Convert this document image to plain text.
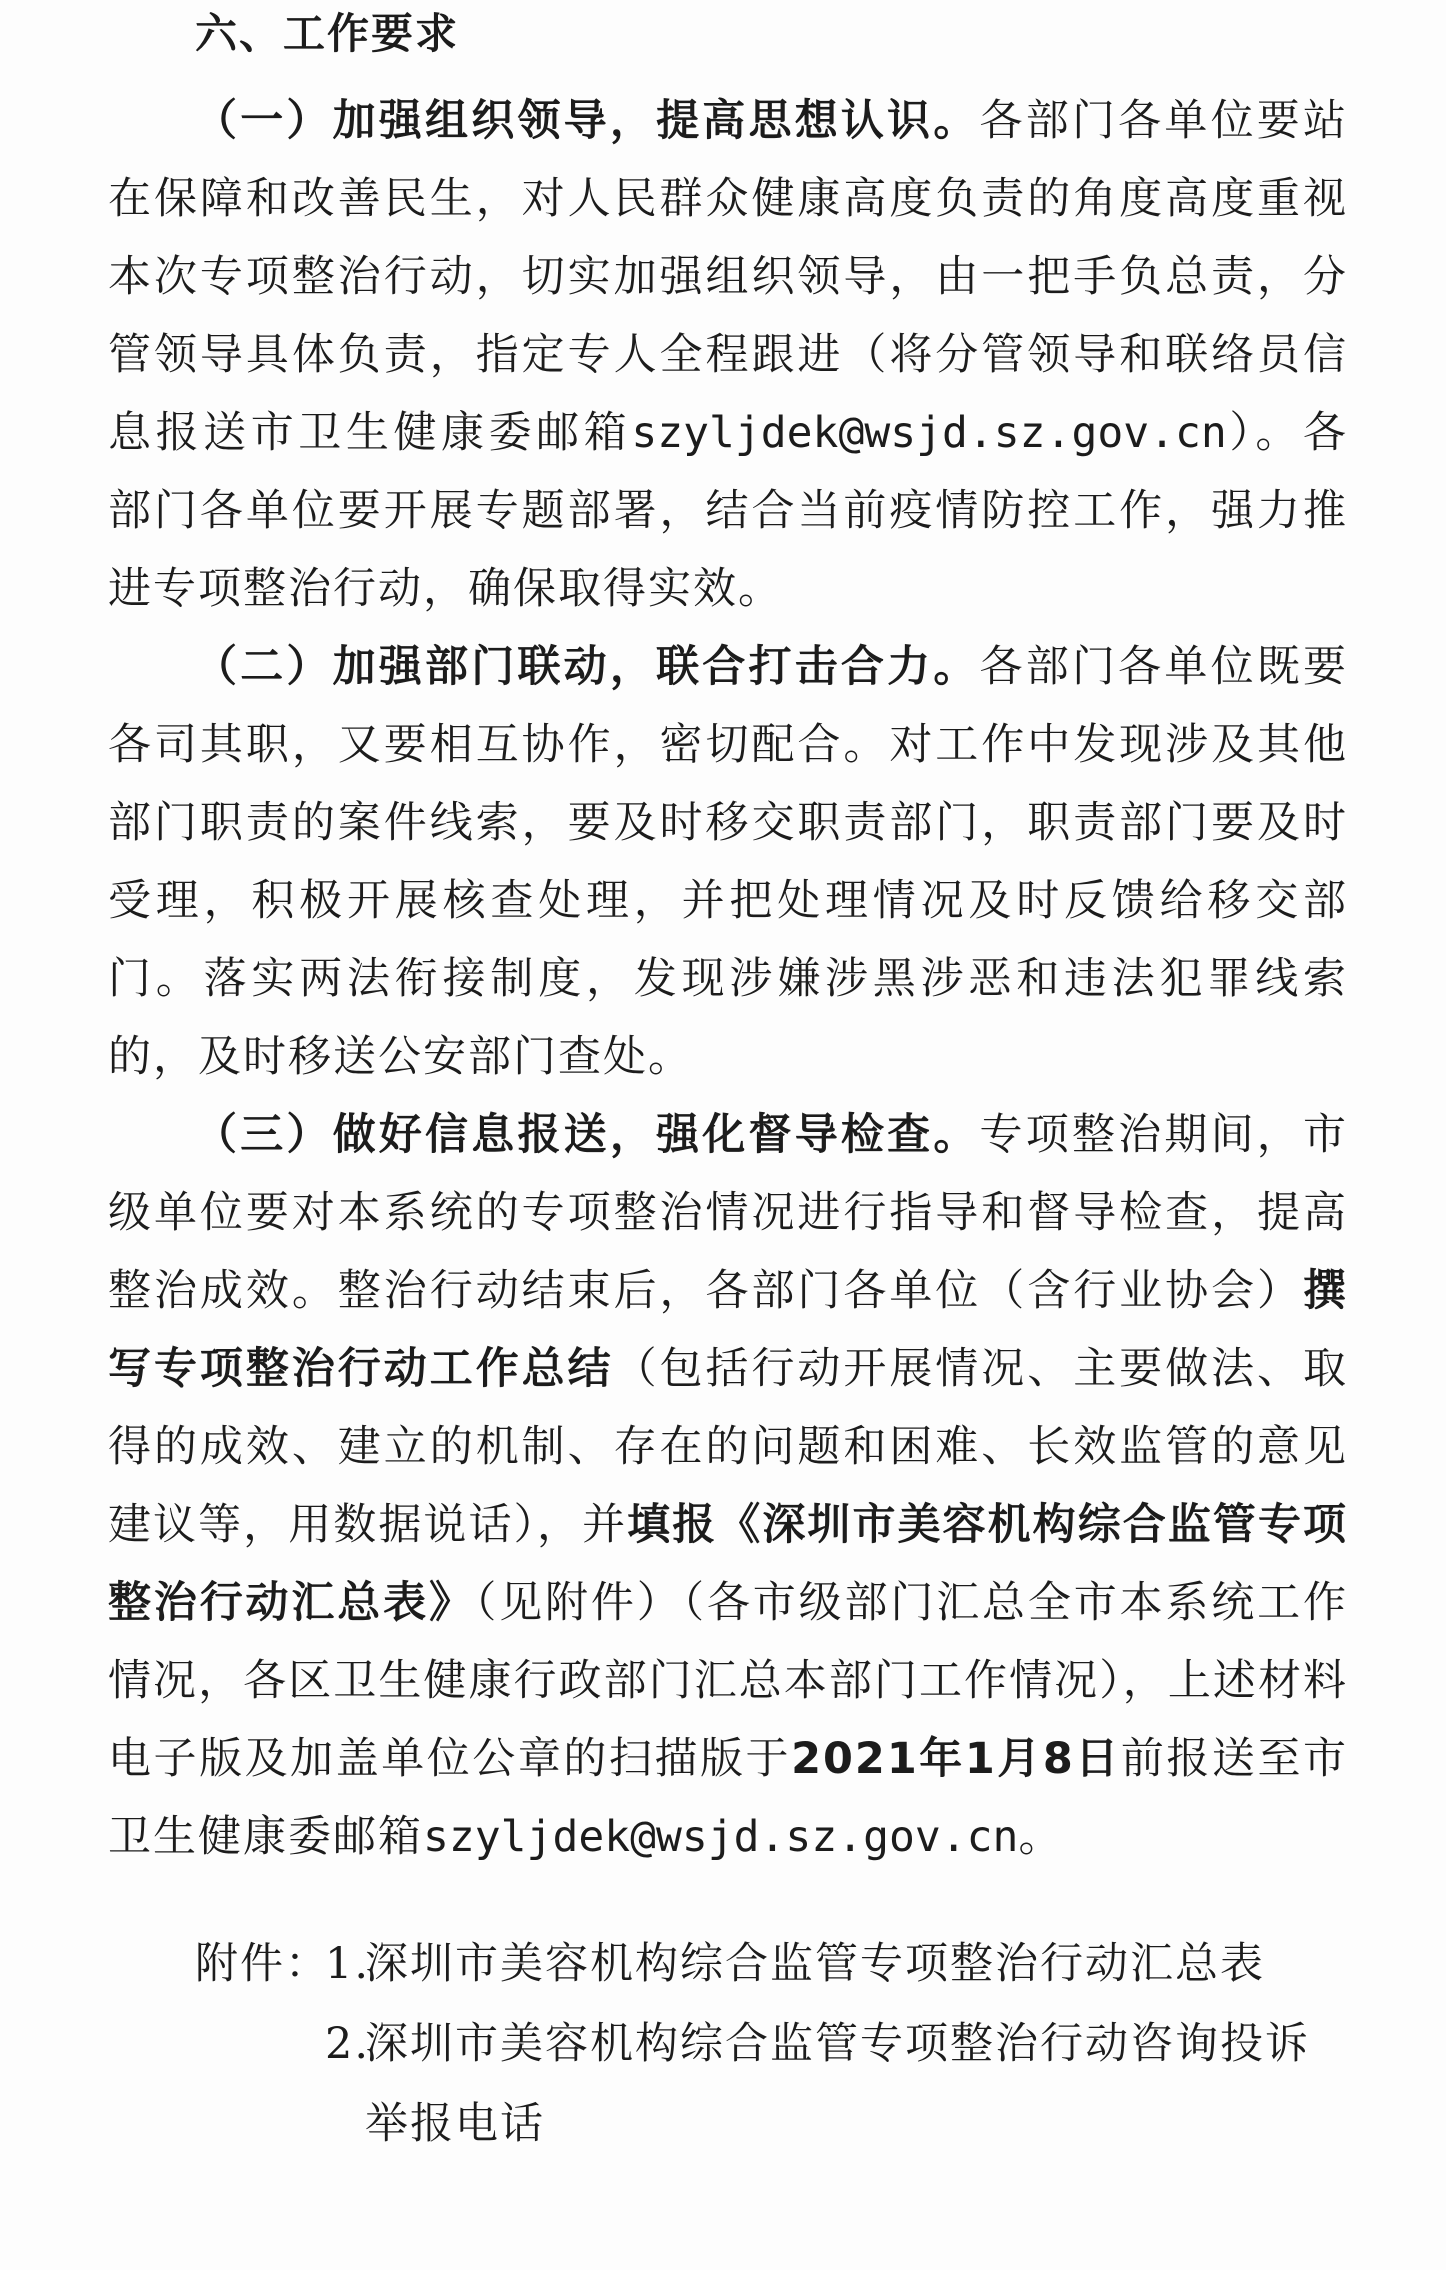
六、工作要求

（一）加强组织领导，提高思想认识。各部门各单位要站在保障和改善民生，对人民群众健康高度负责的角度高度重视本次专项整治行动，切实加强组织领导，由一把手负总责，分管领导具体负责，指定专人全程跟进（将分管领导和联络员信息报送市卫生健康委邮箱szyljdek@wsjd.sz.gov.cn）。各部门各单位要开展专题部署，结合当前疫情防控工作，强力推进专项整治行动，确保取得实效。

（二）加强部门联动，联合打击合力。各部门各单位既要各司其职，又要相互协作，密切配合。对工作中发现涉及其他部门职责的案件线索，要及时移交职责部门，职责部门要及时受理，积极开展核查处理，并把处理情况及时反馈给移交部门。落实两法衔接制度，发现涉嫌涉黑涉恶和违法犯罪线索的，及时移送公安部门查处。

（三）做好信息报送，强化督导检查。专项整治期间，市级单位要对本系统的专项整治情况进行指导和督导检查，提高整治成效。整治行动结束后，各部门各单位（含行业协会）撰写专项整治行动工作总结（包括行动开展情况、主要做法、取得的成效、建立的机制、存在的问题和困难、长效监管的意见建议等，用数据说话），并填报《深圳市美容机构综合监管专项整治行动汇总表》（见附件）（各市级部门汇总全市本系统工作情况，各区卫生健康行政部门汇总本部门工作情况），上述材料电子版及加盖单位公章的扫描版于2021年1月8日前报送至市卫生健康委邮箱szyljdek@wsjd.sz.gov.cn。

附件：
1.
深圳市美容机构综合监管专项整治行动汇总表
2.
深圳市美容机构综合监管专项整治行动咨询投诉举报电话
